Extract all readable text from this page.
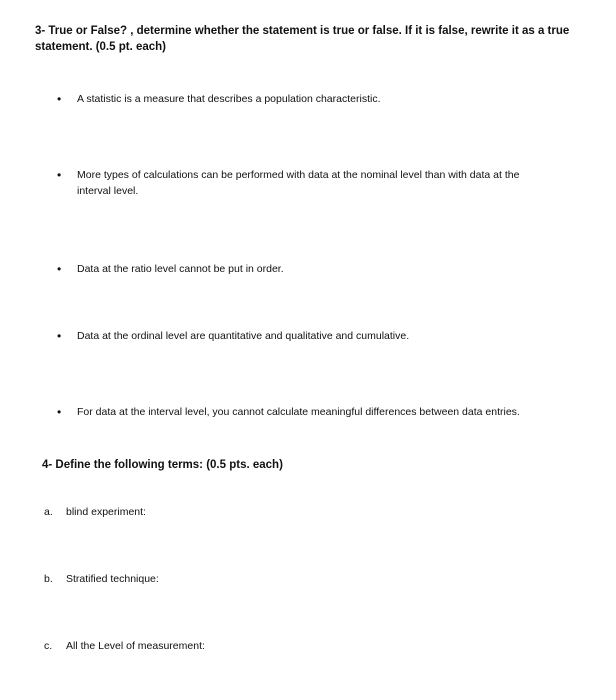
3- True or False? , determine whether the statement is true or false. If it is false, rewrite it as a true
statement. (0.5 pt. each)
•	A statistic is a measure that describes a population characteristic.
•	More types of calculations can be performed with data at the nominal level than with data at the interval level.
•	Data at the ratio level cannot be put in order.
•	Data at the ordinal level are quantitative and qualitative and cumulative.
•	For data at the interval level, you cannot calculate meaningful differences between data entries.
4- Define the following terms: (0.5 pts. each)
a.	blind experiment:
b.	Stratified technique:
c.	All the Level of measurement:
